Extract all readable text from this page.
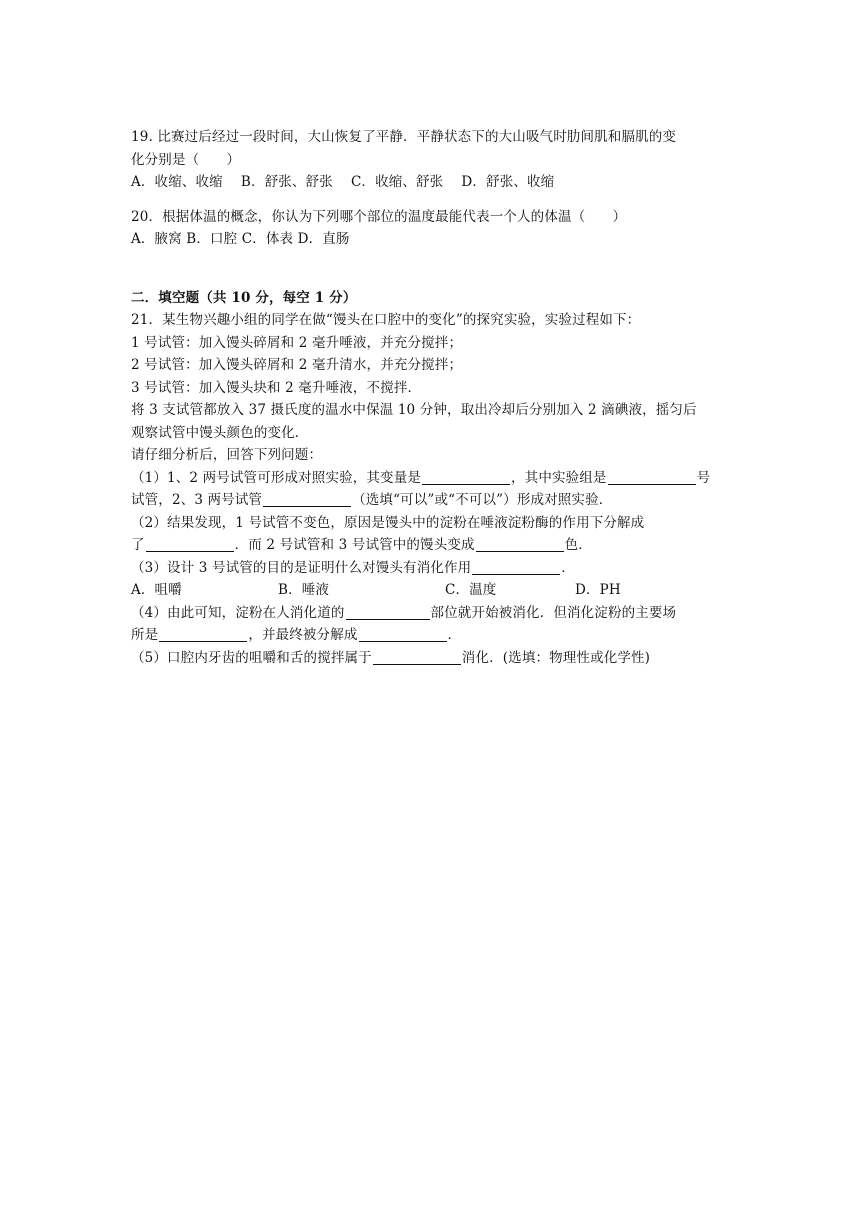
19. 比赛过后经过一段时间，大山恢复了平静．平静状态下的大山吸气时肋间肌和膈肌的变
化分别是（　　）
A．收缩、收缩　 B．舒张、舒张　 C．收缩、舒张　 D．舒张、收缩
20．根据体温的概念，你认为下列哪个部位的温度最能代表一个人的体温（　　）
A．腋窝 B．口腔 C．体表 D．直肠
二．填空题（共 10 分，每空 1 分）
21．某生物兴趣小组的同学在做“馒头在口腔中的变化”的探究实验，实验过程如下：
1 号试管：加入馒头碎屑和 2 毫升唾液，并充分搅拌；
2 号试管：加入馒头碎屑和 2 毫升清水，并充分搅拌；
3 号试管：加入馒头块和 2 毫升唾液，不搅拌．
将 3 支试管都放入 37 摄氏度的温水中保温 10 分钟，取出冷却后分别加入 2 滴碘液，摇匀后
观察试管中馒头颜色的变化．
请仔细分析后，回答下列问题：
（1）1、2 两号试管可形成对照实验，其变量是	，其中实验组是	号
试管，2、3 两号试管	（选填“可以”或“不可以”）形成对照实验．
（2）结果发现，1 号试管不变色，原因是馒头中的淀粉在唾液淀粉酶的作用下分解成
了	．而 2 号试管和 3 号试管中的馒头变成	色．
（3）设计 3 号试管的目的是证明什么对馒头有消化作用	．
A．咀嚼	B．唾液	C．温度	D．PH
（4）由此可知，淀粉在人消化道的	部位就开始被消化．但消化淀粉的主要场
所是	，并最终被分解成	．
（5）口腔内牙齿的咀嚼和舌的搅拌属于	消化．(选填：物理性或化学性)
